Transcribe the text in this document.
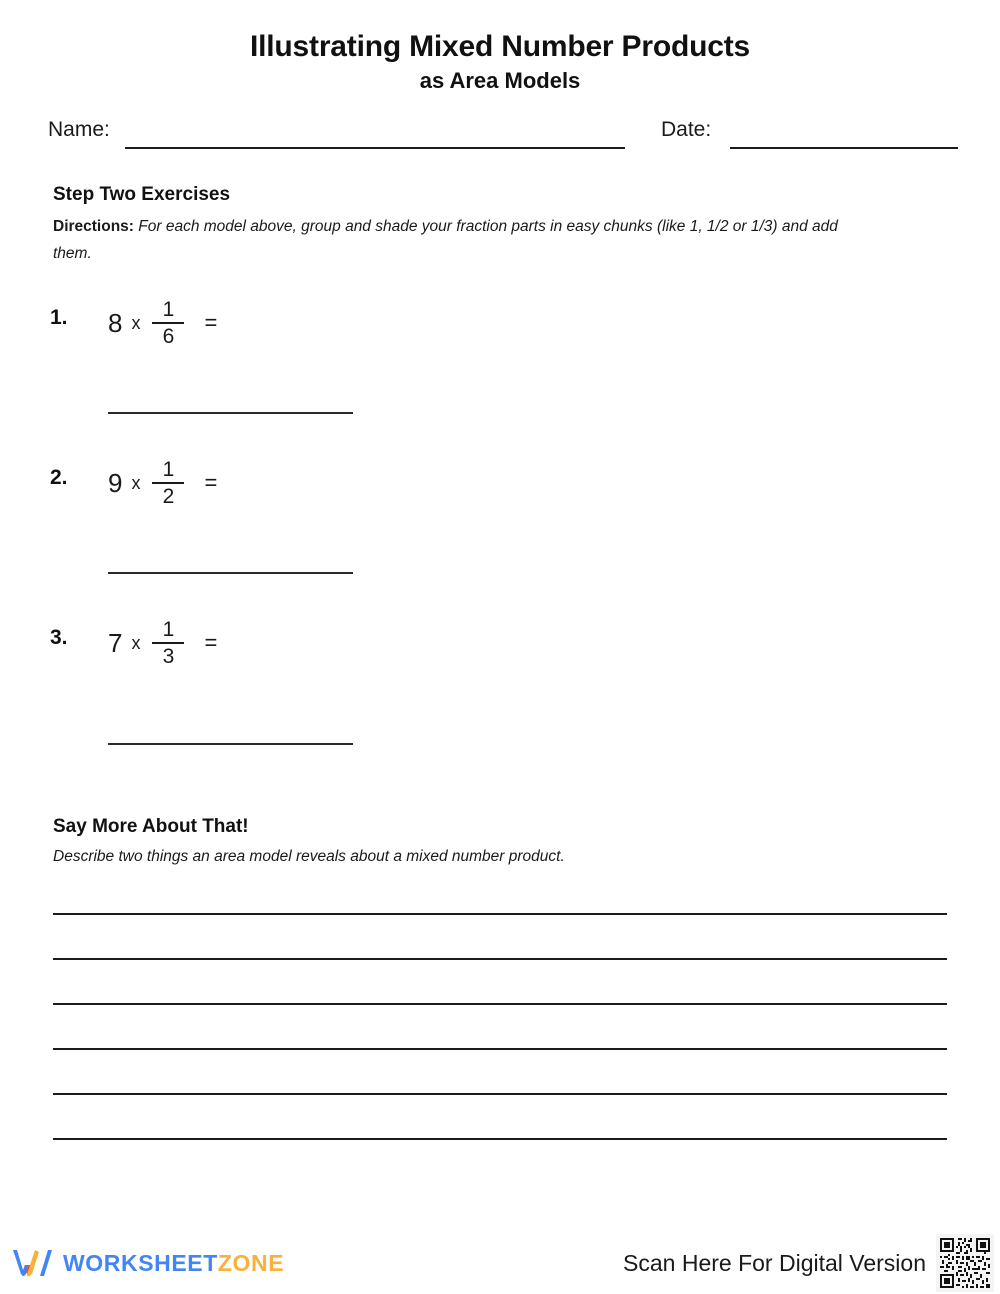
Illustrating Mixed Number Products
as Area Models
Name:	Date:
Step Two Exercises
Directions: For each model above, group and shade your fraction parts in easy chunks (like 1, 1/2 or 1/3) and add them.
1. 8 x $\frac{1}{6}$ =
2. 9 x $\frac{1}{2}$ =
3. 7 x $\frac{1}{3}$ =
Say More About That!
Describe two things an area model reveals about a mixed number product.
WORKSHEETZONE	Scan Here For Digital Version
